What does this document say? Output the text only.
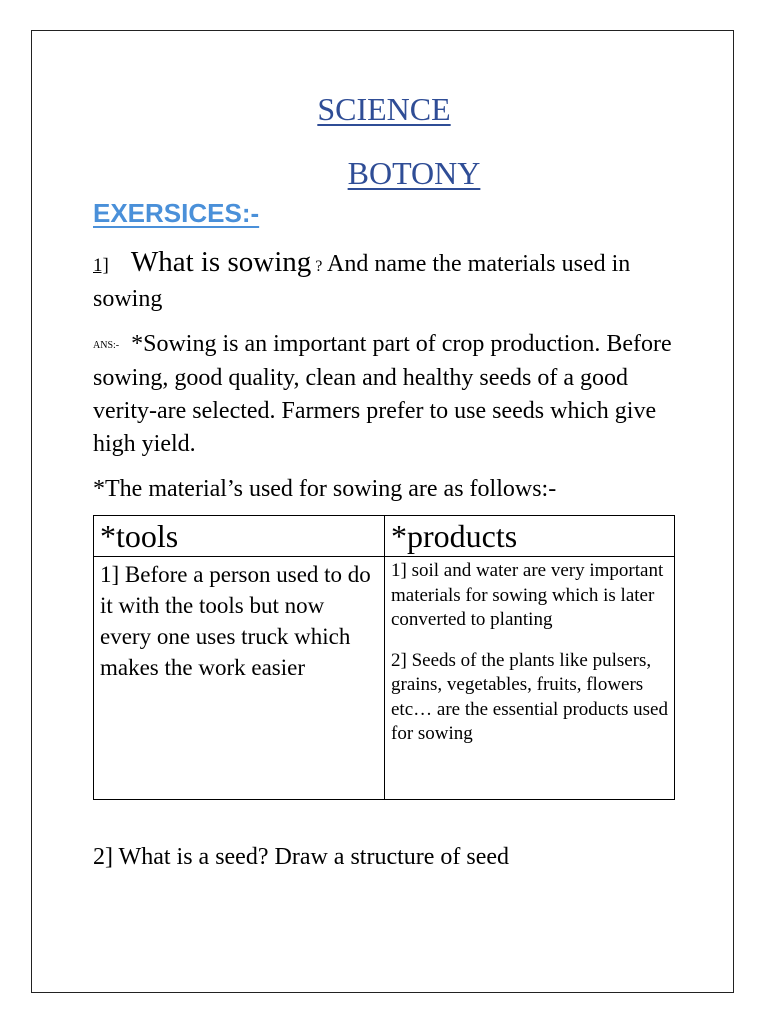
SCIENCE
BOTONY
EXERSICES:-
1] What is sowing ? And name the materials used in sowing
ANS:- *Sowing is an important part of crop production. Before sowing, good quality, clean and healthy seeds of a good verity-are selected. Farmers prefer to use seeds which give high yield.
*The material’s used for sowing are as follows:-
*tools	*products
1] Before a person used to do it with the tools but now every one uses truck which makes the work easier	1] soil and water are very important materials for sowing which is later converted to planting
2] Seeds of the plants like pulsers, grains, vegetables, fruits, flowers etc… are the essential products used for sowing
2] What is a seed? Draw a structure of seed
